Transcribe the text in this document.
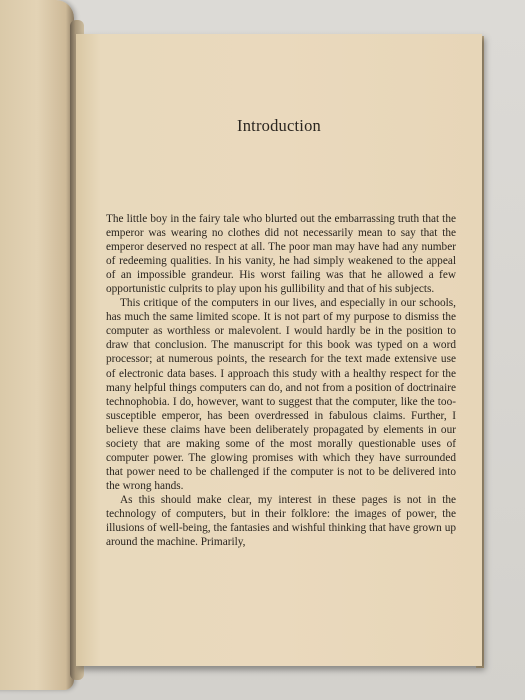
Introduction

The little boy in the fairy tale who blurted out the embarrassing truth that the emperor was wearing no clothes did not necessarily mean to say that the emperor deserved no respect at all. The poor man may have had any number of redeeming qualities. In his vanity, he had simply weakened to the appeal of an impossible grandeur. His worst failing was that he allowed a few opportunistic culprits to play upon his gullibility and that of his subjects.

This critique of the computers in our lives, and especially in our schools, has much the same limited scope. It is not part of my purpose to dismiss the computer as worthless or malevolent. I would hardly be in the position to draw that conclusion. The manuscript for this book was typed on a word processor; at numerous points, the research for the text made extensive use of electronic data bases. I approach this study with a healthy respect for the many helpful things computers can do, and not from a position of doctrinaire technophobia. I do, however, want to suggest that the computer, like the too-susceptible emperor, has been overdressed in fabulous claims. Further, I believe these claims have been deliberately propagated by elements in our society that are making some of the most morally questionable uses of computer power. The glowing promises with which they have surrounded that power need to be challenged if the computer is not to be delivered into the wrong hands.

As this should make clear, my interest in these pages is not in the technology of computers, but in their folklore: the images of power, the illusions of well-being, the fantasies and wishful thinking that have grown up around the machine. Primarily,
